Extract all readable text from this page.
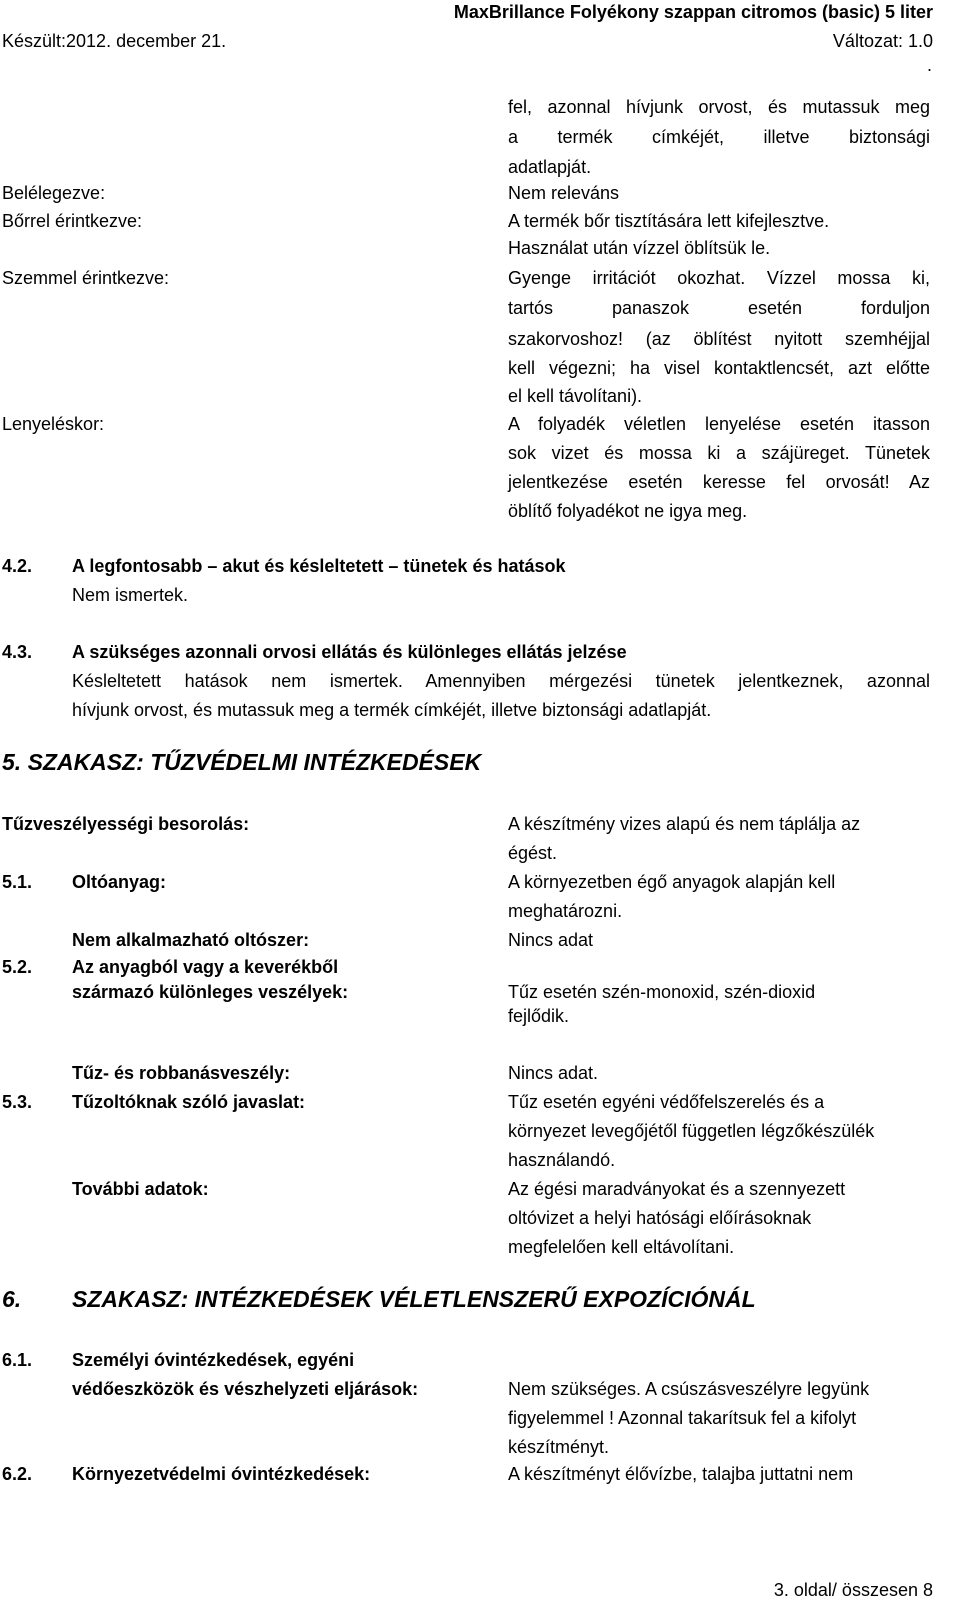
MaxBrillance Folyékony szappan citromos (basic) 5 liter
Készült:2012. december 21.	Változat: 1.0
.
fel, azonnal hívjunk orvost, és mutassuk meg
a termék címkéjét, illetve biztonsági
adatlapját.
Belélegezve:	Nem releváns
Bőrrel érintkezve:	A termék bőr tisztítására lett kifejlesztve.
Használat után vízzel öblítsük le.
Szemmel érintkezve:	Gyenge irritációt okozhat. Vízzel mossa ki,
tartós panaszok esetén forduljon
szakorvoshoz! (az öblítést nyitott szemhéjjal
kell végezni; ha visel kontaktlencsét, azt előtte
el kell távolítani).
Lenyeléskor:	A folyadék véletlen lenyelése esetén itasson
sok vizet és mossa ki a szájüreget. Tünetek
jelentkezése esetén keresse fel orvosát! Az
öblítő folyadékot ne igya meg.
4.2. A legfontosabb – akut és késleltetett – tünetek és hatások
Nem ismertek.
4.3. A szükséges azonnali orvosi ellátás és különleges ellátás jelzése
Késleltetett hatások nem ismertek. Amennyiben mérgezési tünetek jelentkeznek, azonnal
hívjunk orvost, és mutassuk meg a termék címkéjét, illetve biztonsági adatlapját.
5. SZAKASZ: TŰZVÉDELMI INTÉZKEDÉSEK
Tűzveszélyességi besorolás:	A készítmény vizes alapú és nem táplálja az
égést.
5.1. Oltóanyag:	A környezetben égő anyagok alapján kell
meghatározni.
Nem alkalmazható oltószer:	Nincs adat
5.2. Az anyagból vagy a keverékből
származó különleges veszélyek:	Tűz esetén szén-monoxid, szén-dioxid
fejlődik.
Tűz- és robbanásveszély:	Nincs adat.
5.3. Tűzoltóknak szóló javaslat:	Tűz esetén egyéni védőfelszerelés és a
környezet levegőjétől független légzőkészülék
használandó.
További adatok:	Az égési maradványokat és a szennyezett
oltóvizet a helyi hatósági előírásoknak
megfelelően kell eltávolítani.
6. SZAKASZ: INTÉZKEDÉSEK VÉLETLENSZERŰ EXPOZÍCIÓNÁL
6.1. Személyi óvintézkedések, egyéni
védőeszközök és vészhelyzeti eljárások:	Nem szükséges. A csúszásveszélyre legyünk
figyelemmel ! Azonnal takarítsuk fel a kifolyt
készítményt.
6.2. Környezetvédelmi óvintézkedések:	A készítményt élővízbe, talajba juttatni nem
3. oldal/ összesen 8
